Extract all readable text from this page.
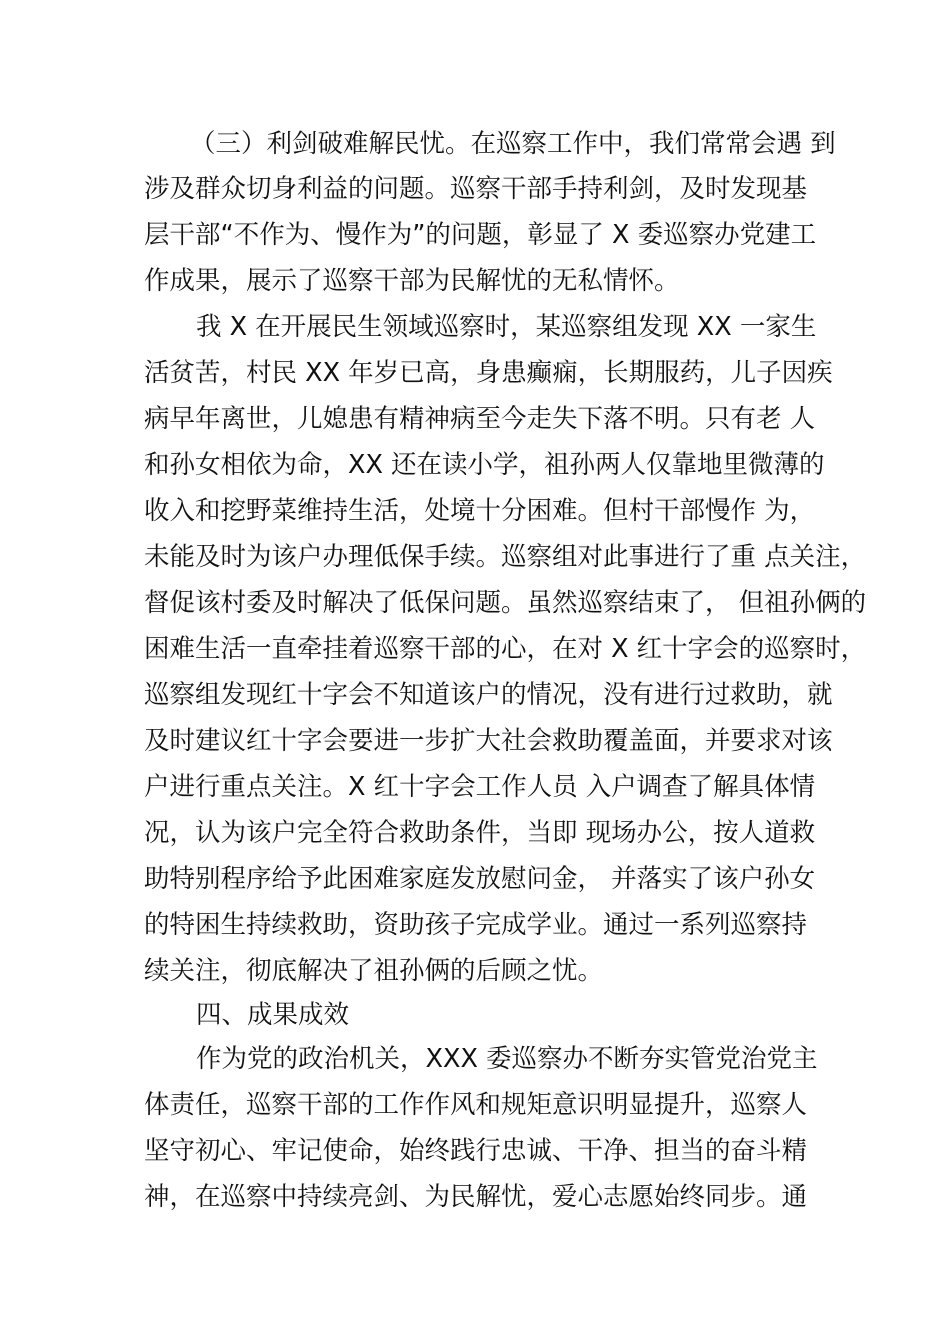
（三）利剑破难解民忧。在巡察工作中，我们常常会遇 到
涉及群众切身利益的问题。巡察干部手持利剑，及时发现基
层干部“不作为、慢作为”的问题，彰显了 X 委巡察办党建工
作成果，展示了巡察干部为民解忧的无私情怀。
我 X 在开展民生领域巡察时，某巡察组发现 XX 一家生
活贫苦，村民 XX 年岁已高，身患癫痫，长期服药，儿子因疾
病早年离世，儿媳患有精神病至今走失下落不明。只有老 人
和孙女相依为命，XX 还在读小学，祖孙两人仅靠地里微薄的
收入和挖野菜维持生活，处境十分困难。但村干部慢作 为，
未能及时为该户办理低保手续。巡察组对此事进行了重 点关注，
督促该村委及时解决了低保问题。虽然巡察结束了， 但祖孙俩的
困难生活一直牵挂着巡察干部的心，在对 X 红十字会的巡察时，
巡察组发现红十字会不知道该户的情况，没有进行过救助，就
及时建议红十字会要进一步扩大社会救助覆盖面，并要求对该
户进行重点关注。X 红十字会工作人员 入户调查了解具体情
况，认为该户完全符合救助条件，当即 现场办公，按人道救
助特别程序给予此困难家庭发放慰问金， 并落实了该户孙女
的特困生持续救助，资助孩子完成学业。通过一系列巡察持
续关注，彻底解决了祖孙俩的后顾之忧。
四、成果成效
作为党的政治机关，XXX 委巡察办不断夯实管党治党主
体责任，巡察干部的工作作风和规矩意识明显提升，巡察人
坚守初心、牢记使命，始终践行忠诚、干净、担当的奋斗精
神，在巡察中持续亮剑、为民解忧，爱心志愿始终同步。通
